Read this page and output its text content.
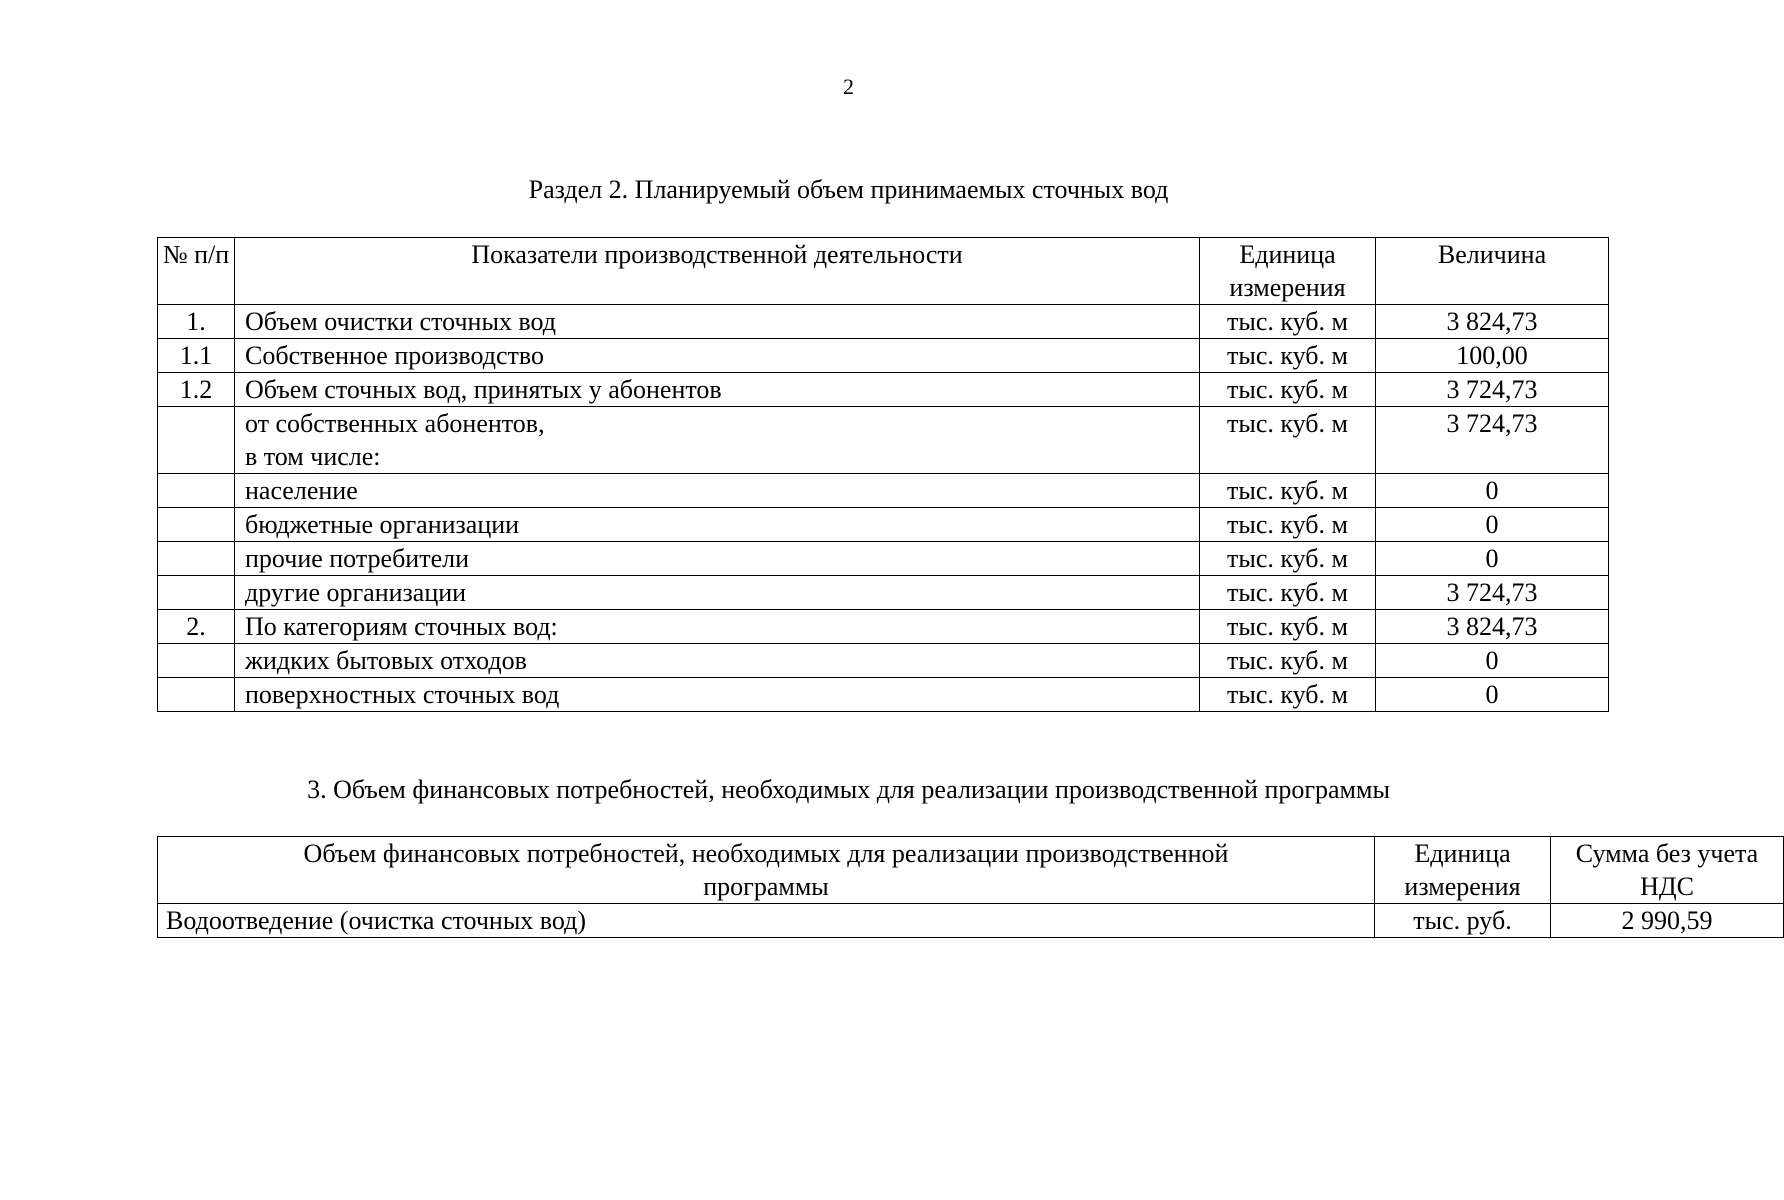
2
Раздел 2. Планируемый объем принимаемых сточных вод
№ п/п	Показатели производственной деятельности	Единица измерения	Величина
1.	Объем очистки сточных вод	тыс. куб. м	3 824,73
1.1	Собственное производство	тыс. куб. м	100,00
1.2	Объем сточных вод, принятых у абонентов	тыс. куб. м	3 724,73
	от собственных абонентов, в том числе:	тыс. куб. м	3 724,73
	население	тыс. куб. м	0
	бюджетные организации	тыс. куб. м	0
	прочие потребители	тыс. куб. м	0
	другие организации	тыс. куб. м	3 724,73
2.	По категориям сточных вод:	тыс. куб. м	3 824,73
	жидких бытовых отходов	тыс. куб. м	0
	поверхностных сточных вод	тыс. куб. м	0
3. Объем финансовых потребностей, необходимых для реализации производственной программы
Объем финансовых потребностей, необходимых для реализации производственной программы	Единица измерения	Сумма без учета НДС
Водоотведение (очистка сточных вод)	тыс. руб.	2 990,59
